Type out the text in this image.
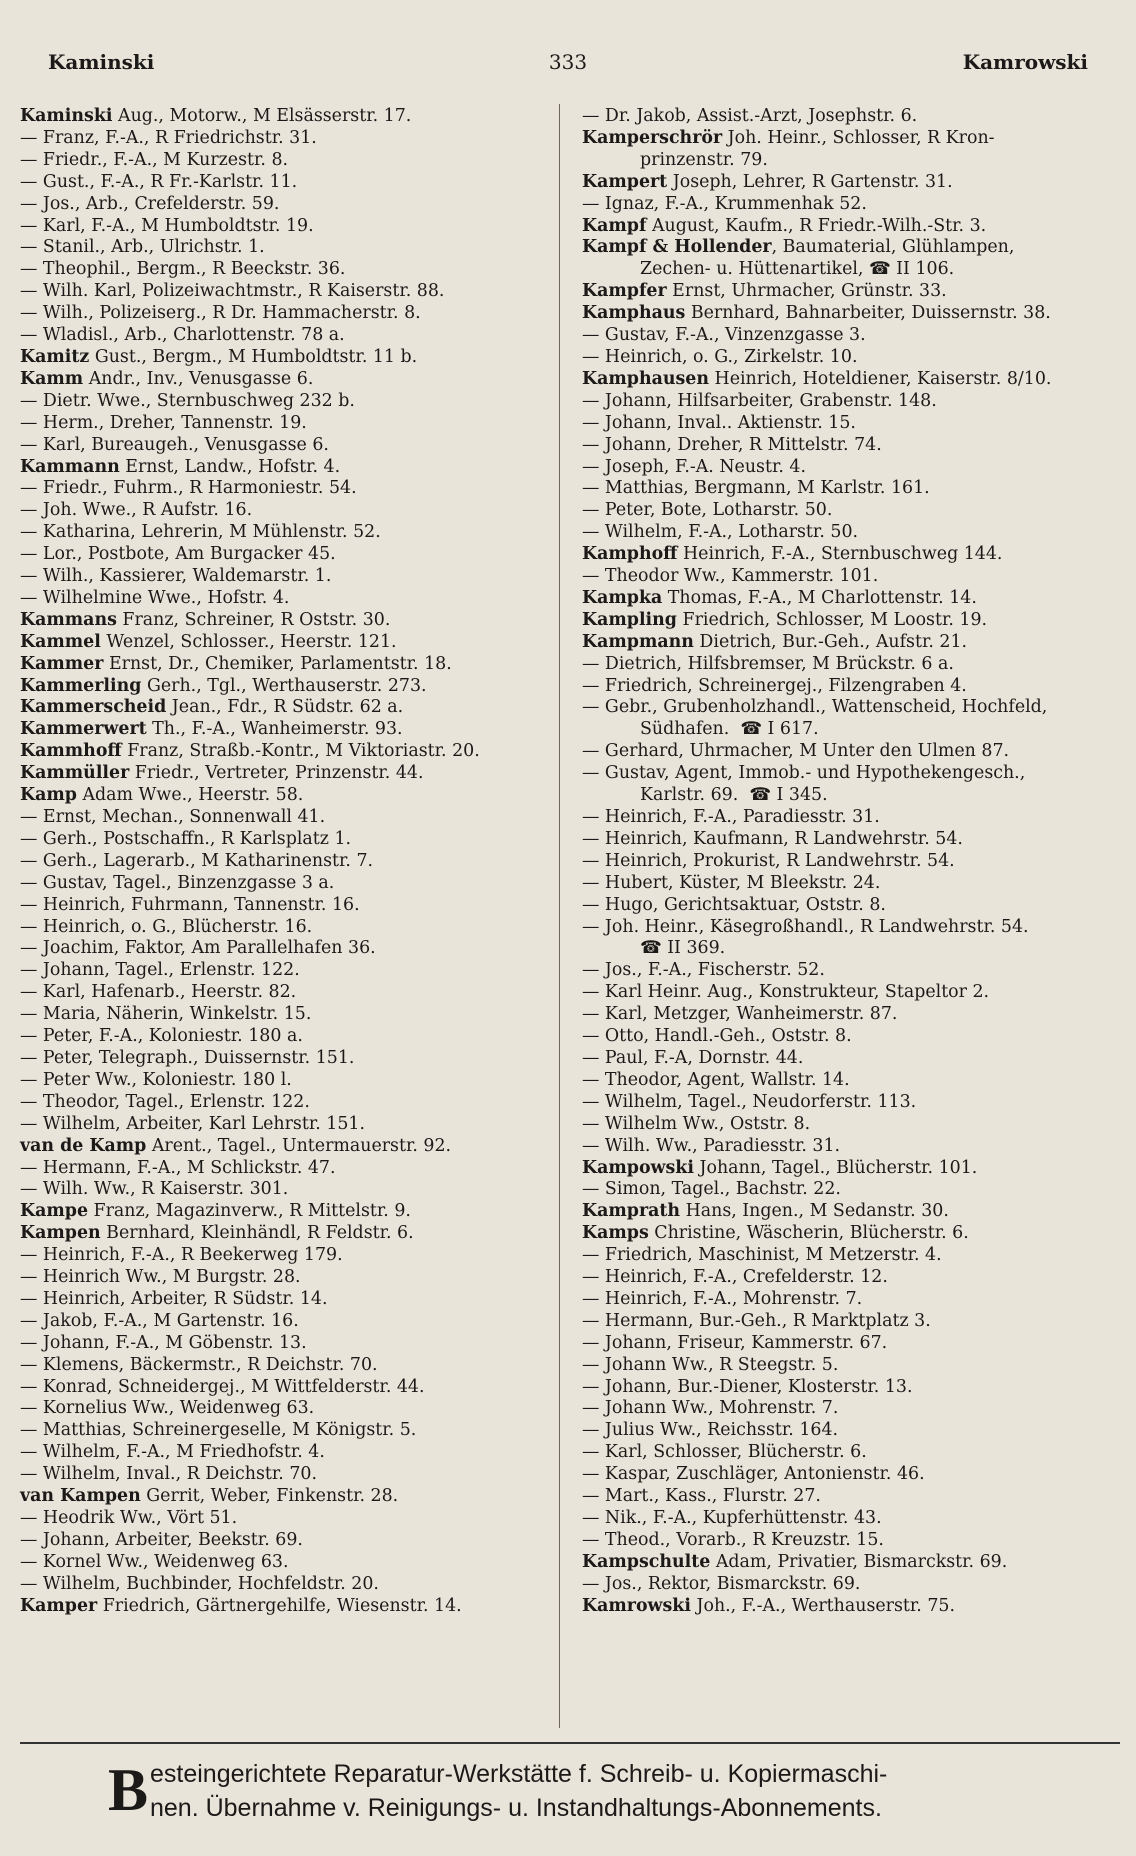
Kaminski	333	Kamrowski
Kaminski Aug., Motorw., M Elsässerstr. 17.
— Franz, F.-A., R Friedrichstr. 31.
— Friedr., F.-A., M Kurzestr. 8.
— Gust., F.-A., R Fr.-Karlstr. 11.
— Jos., Arb., Crefelderstr. 59.
— Karl, F.-A., M Humboldtstr. 19.
— Stanil., Arb., Ulrichstr. 1.
— Theophil., Bergm., R Beeckstr. 36.
— Wilh. Karl, Polizeiwachtmstr., R Kaiserstr. 88.
— Wilh., Polizeiserg., R Dr. Hammacherstr. 8.
— Wladisl., Arb., Charlottenstr. 78 a.
Kamitz Gust., Bergm., M Humboldtstr. 11 b.
Kamm Andr., Inv., Venusgasse 6.
— Dietr. Wwe., Sternbuschweg 232 b.
— Herm., Dreher, Tannenstr. 19.
— Karl, Bureaugeh., Venusgasse 6.
Kammann Ernst, Landw., Hofstr. 4.
— Friedr., Fuhrm., R Harmoniestr. 54.
— Joh. Wwe., R Aufstr. 16.
— Katharina, Lehrerin, M Mühlenstr. 52.
— Lor., Postbote, Am Burgacker 45.
— Wilh., Kassierer, Waldemarstr. 1.
— Wilhelmine Wwe., Hofstr. 4.
Kammans Franz, Schreiner, R Oststr. 30.
Kammel Wenzel, Schlosser., Heerstr. 121.
Kammer Ernst, Dr., Chemiker, Parlamentstr. 18.
Kammerling Gerh., Tgl., Werthauserstr. 273.
Kammerscheid Jean., Fdr., R Südstr. 62 a.
Kammerwert Th., F.-A., Wanheimerstr. 93.
Kammhoff Franz, Straßb.-Kontr., M Viktoriastr. 20.
Kammüller Friedr., Vertreter, Prinzenstr. 44.
Kamp Adam Wwe., Heerstr. 58.
— Ernst, Mechan., Sonnenwall 41.
— Gerh., Postschaffn., R Karlsplatz 1.
— Gerh., Lagerarb., M Katharinenstr. 7.
— Gustav, Tagel., Binzenzgasse 3 a.
— Heinrich, Fuhrmann, Tannenstr. 16.
— Heinrich, o. G., Blücherstr. 16.
— Joachim, Faktor, Am Parallelhafen 36.
— Johann, Tagel., Erlenstr. 122.
— Karl, Hafenarb., Heerstr. 82.
— Maria, Näherin, Winkelstr. 15.
— Peter, F.-A., Koloniestr. 180 a.
— Peter, Telegraph., Duissernstr. 151.
— Peter Ww., Koloniestr. 180 l.
— Theodor, Tagel., Erlenstr. 122.
— Wilhelm, Arbeiter, Karl Lehrstr. 151.
van de Kamp Arent., Tagel., Untermauerstr. 92.
— Hermann, F.-A., M Schlickstr. 47.
— Wilh. Ww., R Kaiserstr. 301.
Kampe Franz, Magazinverw., R Mittelstr. 9.
Kampen Bernhard, Kleinhändl, R Feldstr. 6.
— Heinrich, F.-A., R Beekerweg 179.
— Heinrich Ww., M Burgstr. 28.
— Heinrich, Arbeiter, R Südstr. 14.
— Jakob, F.-A., M Gartenstr. 16.
— Johann, F.-A., M Göbenstr. 13.
— Klemens, Bäckermstr., R Deichstr. 70.
— Konrad, Schneidergej., M Wittfelderstr. 44.
— Kornelius Ww., Weidenweg 63.
— Matthias, Schreinergeselle, M Königstr. 5.
— Wilhelm, F.-A., M Friedhofstr. 4.
— Wilhelm, Inval., R Deichstr. 70.
van Kampen Gerrit, Weber, Finkenstr. 28.
— Heodrik Ww., Vört 51.
— Johann, Arbeiter, Beekstr. 69.
— Kornel Ww., Weidenweg 63.
— Wilhelm, Buchbinder, Hochfeldstr. 20.
Kamper Friedrich, Gärtnergehilfe, Wiesenstr. 14.
— Dr. Jakob, Assist.-Arzt, Josephstr. 6.
Kamperschrör Joh. Heinr., Schlosser, R Kron-
prinzenstr. 79.
Kampert Joseph, Lehrer, R Gartenstr. 31.
— Ignaz, F.-A., Krummenhak 52.
Kampf August, Kaufm., R Friedr.-Wilh.-Str. 3.
Kampf & Hollender, Baumaterial, Glühlampen,
Zechen- u. Hüttenartikel, ☎ II 106.
Kampfer Ernst, Uhrmacher, Grünstr. 33.
Kamphaus Bernhard, Bahnarbeiter, Duissernstr. 38.
— Gustav, F.-A., Vinzenzgasse 3.
— Heinrich, o. G., Zirkelstr. 10.
Kamphausen Heinrich, Hoteldiener, Kaiserstr. 8/10.
— Johann, Hilfsarbeiter, Grabenstr. 148.
— Johann, Inval.. Aktienstr. 15.
— Johann, Dreher, R Mittelstr. 74.
— Joseph, F.-A. Neustr. 4.
— Matthias, Bergmann, M Karlstr. 161.
— Peter, Bote, Lotharstr. 50.
— Wilhelm, F.-A., Lotharstr. 50.
Kamphoff Heinrich, F.-A., Sternbuschweg 144.
— Theodor Ww., Kammerstr. 101.
Kampka Thomas, F.-A., M Charlottenstr. 14.
Kampling Friedrich, Schlosser, M Loostr. 19.
Kampmann Dietrich, Bur.-Geh., Aufstr. 21.
— Dietrich, Hilfsbremser, M Brückstr. 6 a.
— Friedrich, Schreinergej., Filzengraben 4.
— Gebr., Grubenholzhandl., Wattenscheid, Hochfeld,
Südhafen.  ☎ I 617.
— Gerhard, Uhrmacher, M Unter den Ulmen 87.
— Gustav, Agent, Immob.- und Hypothekengesch.,
Karlstr. 69.  ☎ I 345.
— Heinrich, F.-A., Paradiesstr. 31.
— Heinrich, Kaufmann, R Landwehrstr. 54.
— Heinrich, Prokurist, R Landwehrstr. 54.
— Hubert, Küster, M Bleekstr. 24.
— Hugo, Gerichtsaktuar, Oststr. 8.
— Joh. Heinr., Käsegroßhandl., R Landwehrstr. 54.
☎ II 369.
— Jos., F.-A., Fischerstr. 52.
— Karl Heinr. Aug., Konstrukteur, Stapeltor 2.
— Karl, Metzger, Wanheimerstr. 87.
— Otto, Handl.-Geh., Oststr. 8.
— Paul, F.-A, Dornstr. 44.
— Theodor, Agent, Wallstr. 14.
— Wilhelm, Tagel., Neudorferstr. 113.
— Wilhelm Ww., Oststr. 8.
— Wilh. Ww., Paradiesstr. 31.
Kampowski Johann, Tagel., Blücherstr. 101.
— Simon, Tagel., Bachstr. 22.
Kamprath Hans, Ingen., M Sedanstr. 30.
Kamps Christine, Wäscherin, Blücherstr. 6.
— Friedrich, Maschinist, M Metzerstr. 4.
— Heinrich, F.-A., Crefelderstr. 12.
— Heinrich, F.-A., Mohrenstr. 7.
— Hermann, Bur.-Geh., R Marktplatz 3.
— Johann, Friseur, Kammerstr. 67.
— Johann Ww., R Steegstr. 5.
— Johann, Bur.-Diener, Klosterstr. 13.
— Johann Ww., Mohrenstr. 7.
— Julius Ww., Reichsstr. 164.
— Karl, Schlosser, Blücherstr. 6.
— Kaspar, Zuschläger, Antonienstr. 46.
— Mart., Kass., Flurstr. 27.
— Nik., F.-A., Kupferhüttenstr. 43.
— Theod., Vorarb., R Kreuzstr. 15.
Kampschulte Adam, Privatier, Bismarckstr. 69.
— Jos., Rektor, Bismarckstr. 69.
Kamrowski Joh., F.-A., Werthauserstr. 75.
B esteingerichtete Reparatur-Werkstätte f. Schreib- u. Kopiermaschi-
nen. Übernahme v. Reinigungs- u. Instandhaltungs-Abonnements.
